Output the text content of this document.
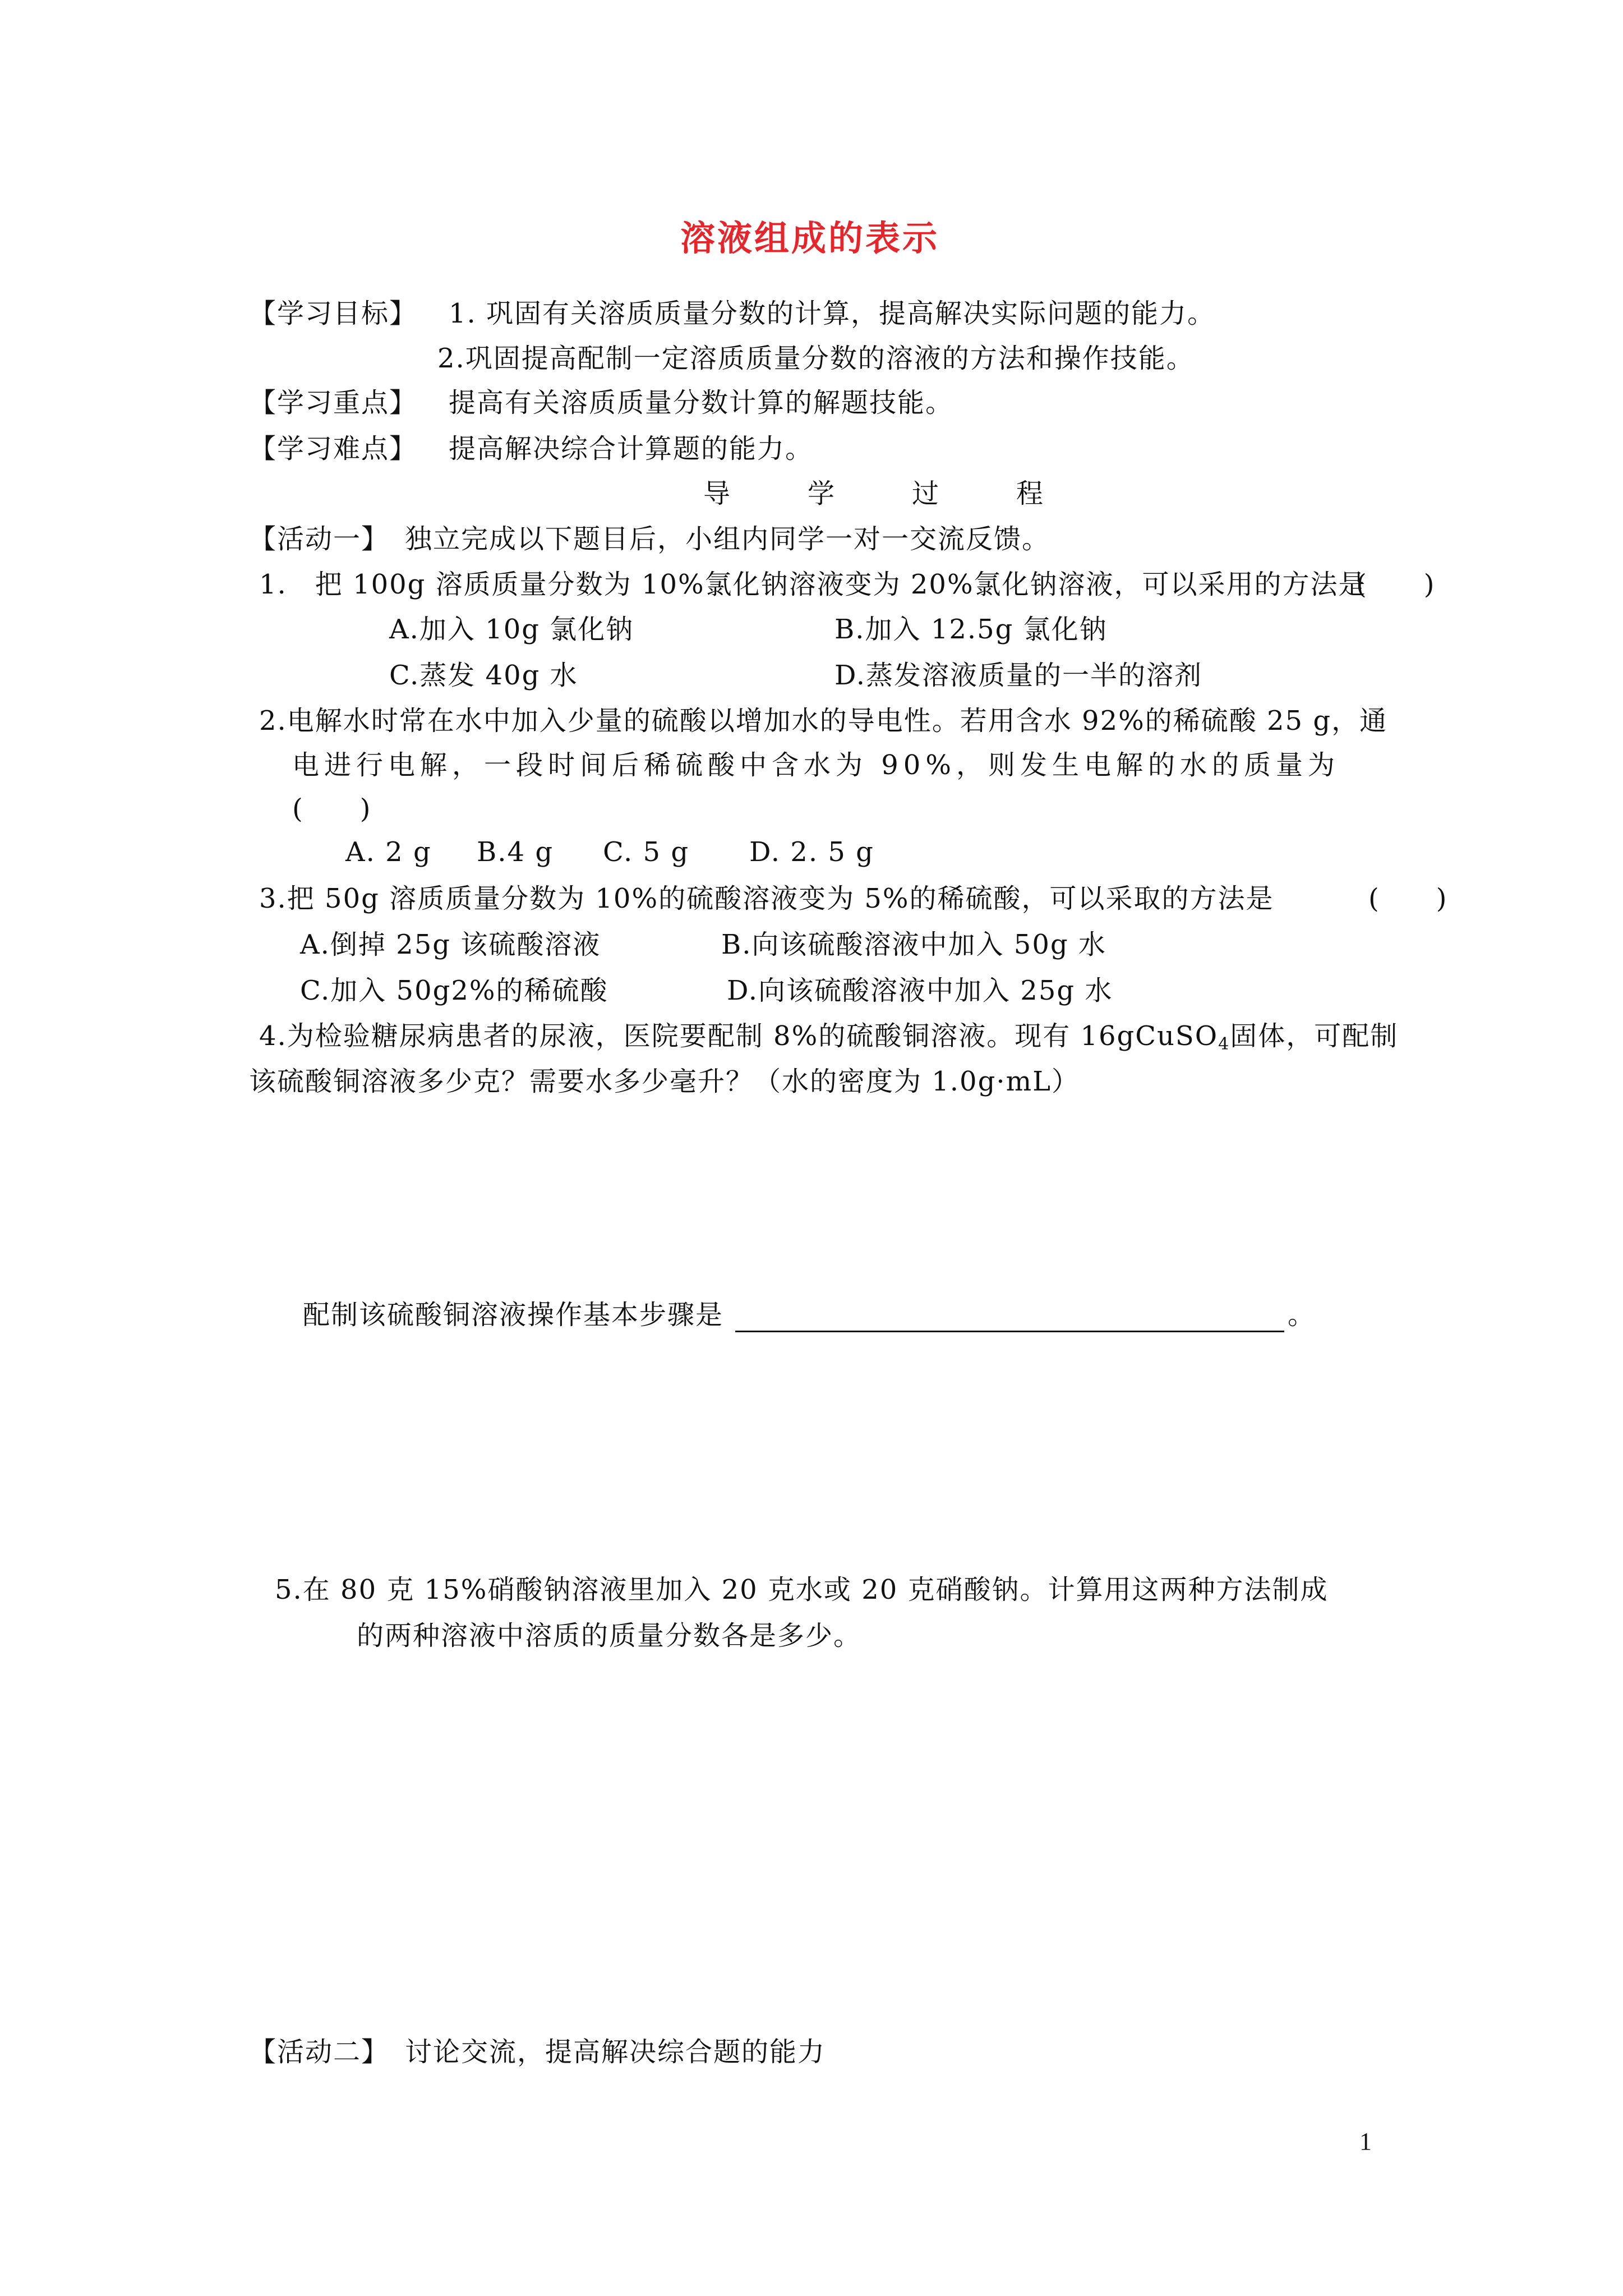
溶液组成的表示
【学习目标】 1. 巩固有关溶质质量分数的计算，提高解决实际问题的能力。
2.巩固提高配制一定溶质质量分数的溶液的方法和操作技能。
【学习重点】 提高有关溶质质量分数计算的解题技能。
【学习难点】 提高解决综合计算题的能力。
导	学	过	程
【活动一】 独立完成以下题目后，小组内同学一对一交流反馈。
1.　把 100g 溶质质量分数为 10%氯化钠溶液变为 20%氯化钠溶液，可以采用的方法是
(　　)
A.加入 10g 氯化钠	B.加入 12.5g 氯化钠
C.蒸发 40g 水	D.蒸发溶液质量的一半的溶剂
2.电解水时常在水中加入少量的硫酸以增加水的导电性。若用含水 92%的稀硫酸 25 g，通
电进行电解，一段时间后稀硫酸中含水为 90%，则发生电解的水的质量为
(　　)
A. 2 g B.4 g C. 5 g D. 2. 5 g
3.把 50g 溶质质量分数为 10%的硫酸溶液变为 5%的稀硫酸，可以采取的方法是	(　　)
A.倒掉 25g 该硫酸溶液	B.向该硫酸溶液中加入 50g 水
C.加入 50g2%的稀硫酸	D.向该硫酸溶液中加入 25g 水
4.为检验糖尿病患者的尿液，医院要配制 8%的硫酸铜溶液。现有 16gCuSO$_4$固体，可配制
该硫酸铜溶液多少克？需要水多少毫升？（水的密度为 1.0g·mL）
配制该硫酸铜溶液操作基本步骤是	。
5.在 80 克 15%硝酸钠溶液里加入 20 克水或 20 克硝酸钠。计算用这两种方法制成
的两种溶液中溶质的质量分数各是多少。
【活动二】 讨论交流，提高解决综合题的能力
1
